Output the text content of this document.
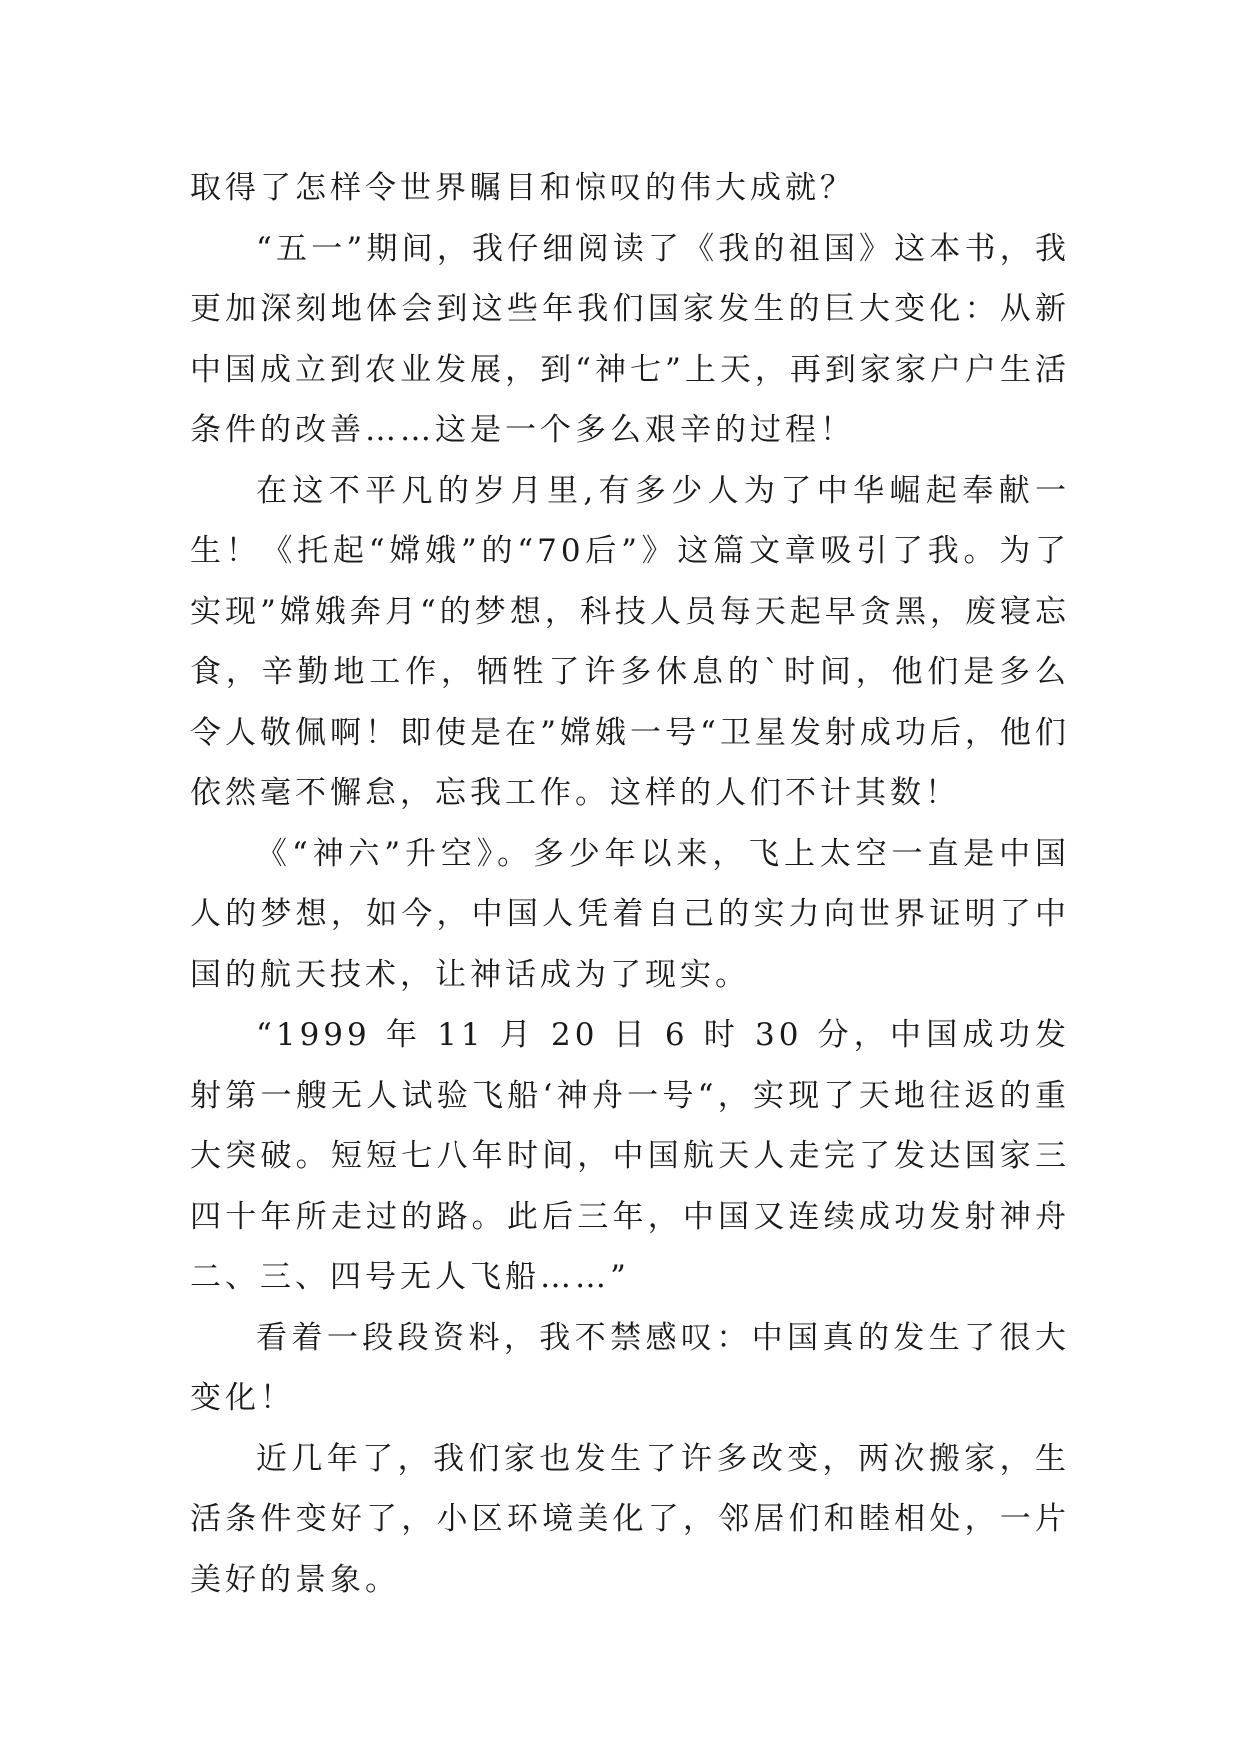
取得了怎样令世界瞩目和惊叹的伟大成就？

“五一”期间，我仔细阅读了《我的祖国》这本书，我更加深刻地体会到这些年我们国家发生的巨大变化：从新中国成立到农业发展，到“神七”上天，再到家家户户生活条件的改善……这是一个多么艰辛的过程！

在这不平凡的岁月里,有多少人为了中华崛起奉献一生！《托起“嫦娥”的“70后”》这篇文章吸引了我。为了实现”嫦娥奔月“的梦想，科技人员每天起早贪黑，废寝忘食，辛勤地工作，牺牲了许多休息的`时间，他们是多么令人敬佩啊！即使是在”嫦娥一号“卫星发射成功后，他们依然毫不懈怠，忘我工作。这样的人们不计其数！

《“神六”升空》。多少年以来，飞上太空一直是中国人的梦想，如今，中国人凭着自己的实力向世界证明了中国的航天技术，让神话成为了现实。

“1999 年 11 月 20 日 6 时 30 分，中国成功发射第一艘无人试验飞船‘神舟一号“，实现了天地往返的重大突破。短短七八年时间，中国航天人走完了发达国家三四十年所走过的路。此后三年，中国又连续成功发射神舟二、三、四号无人飞船……”

看着一段段资料，我不禁感叹：中国真的发生了很大变化！

近几年了，我们家也发生了许多改变，两次搬家，生活条件变好了，小区环境美化了，邻居们和睦相处，一片美好的景象。
